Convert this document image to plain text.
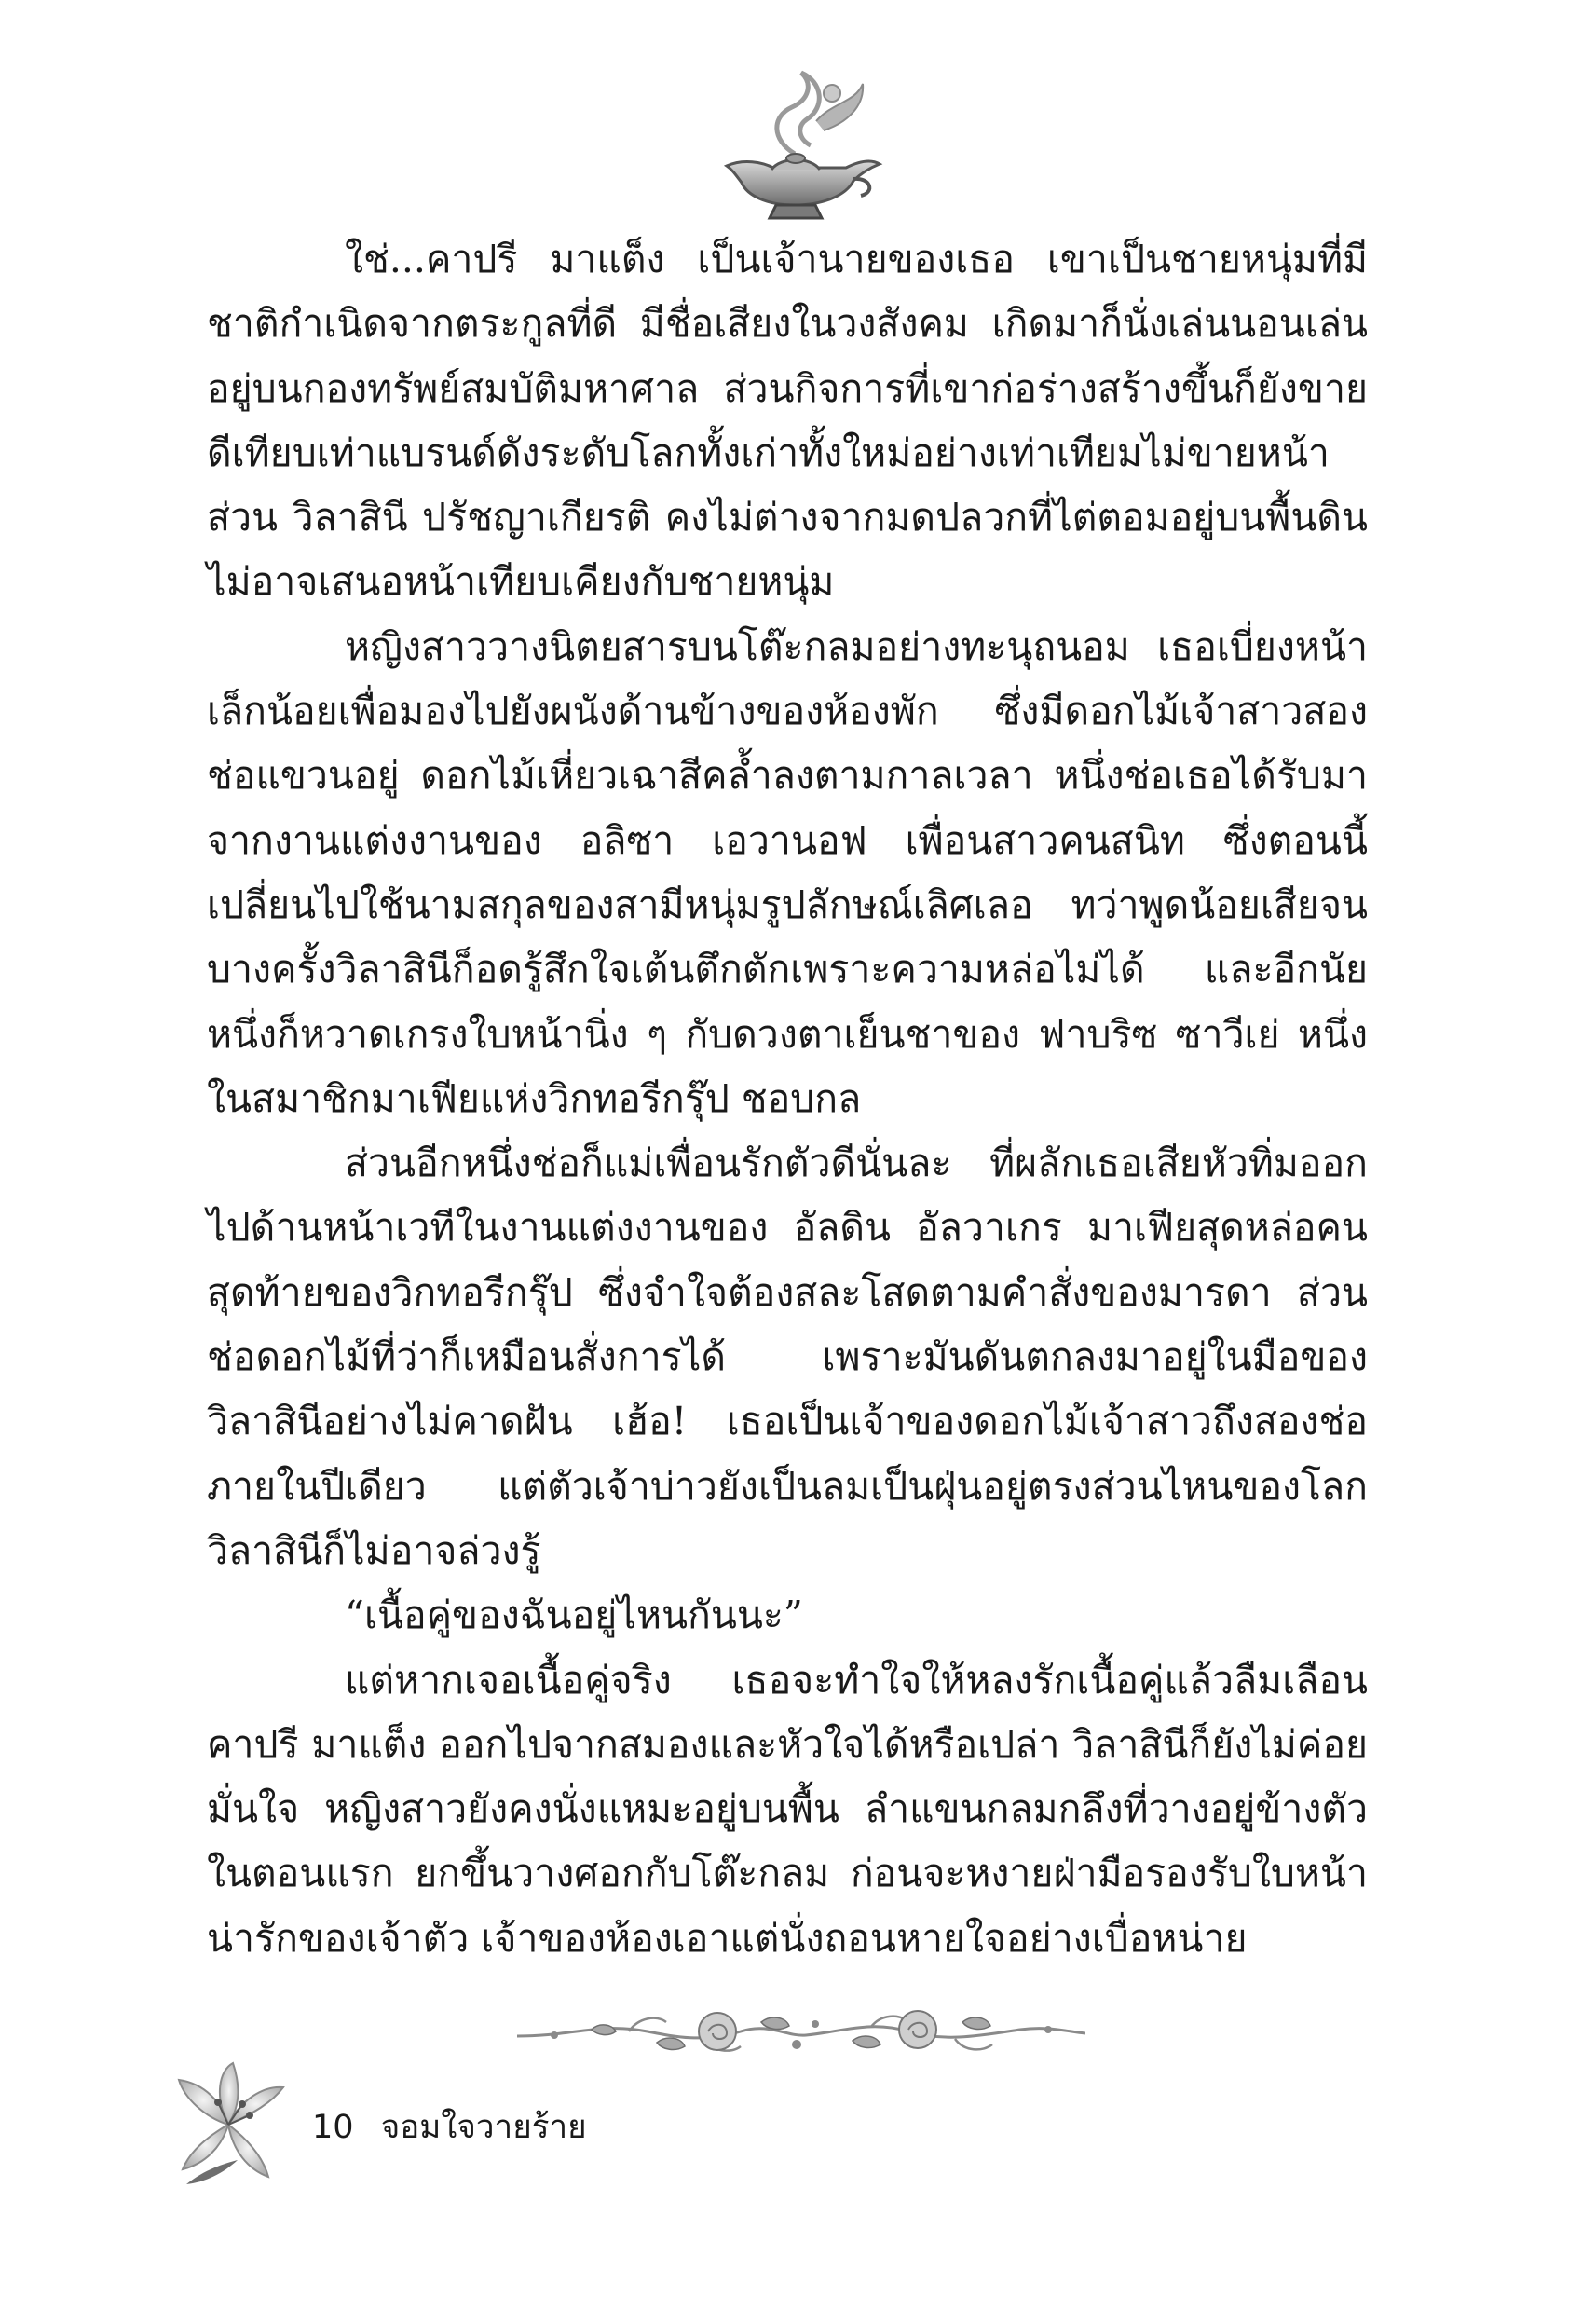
ใช่...คาปรี มาแต็ง เป็นเจ้านายของเธอ เขาเป็นชายหนุ่มที่มีชาติกำเนิดจากตระกูลที่ดี มีชื่อเสียงในวงสังคม เกิดมาก็นั่งเล่นนอนเล่นอยู่บนกองทรัพย์สมบัติมหาศาล ส่วนกิจการที่เขาก่อร่างสร้างขึ้นก็ยังขายดีเทียบเท่าแบรนด์ดังระดับโลกทั้งเก่าทั้งใหม่อย่างเท่าเทียมไม่ขายหน้า ส่วน วิลาสินี ปรัชญาเกียรติ คงไม่ต่างจากมดปลวกที่ไต่ตอมอยู่บนพื้นดินไม่อาจเสนอหน้าเทียบเคียงกับชายหนุ่ม

หญิงสาววางนิตยสารบนโต๊ะกลมอย่างทะนุถนอม เธอเบี่ยงหน้าเล็กน้อยเพื่อมองไปยังผนังด้านข้างของห้องพัก ซึ่งมีดอกไม้เจ้าสาวสองช่อแขวนอยู่ ดอกไม้เหี่ยวเฉาสีคล้ำลงตามกาลเวลา หนึ่งช่อเธอได้รับมาจากงานแต่งงานของ อลิซา เอวานอฟ เพื่อนสาวคนสนิท ซึ่งตอนนี้เปลี่ยนไปใช้นามสกุลของสามีหนุ่มรูปลักษณ์เลิศเลอ ทว่าพูดน้อยเสียจนบางครั้งวิลาสินีก็อดรู้สึกใจเต้นตึกตักเพราะความหล่อไม่ได้ และอีกนัยหนึ่งก็หวาดเกรงใบหน้านิ่ง ๆ กับดวงตาเย็นชาของ ฟาบริซ ซาวีเย่ หนึ่งในสมาชิกมาเฟียแห่งวิกทอรีกรุ๊ป ชอบกล

ส่วนอีกหนึ่งช่อก็แม่เพื่อนรักตัวดีนั่นละ ที่ผลักเธอเสียหัวทิ่มออกไปด้านหน้าเวทีในงานแต่งงานของ อัลดิน อัลวาเกร มาเฟียสุดหล่อคนสุดท้ายของวิกทอรีกรุ๊ป ซึ่งจำใจต้องสละโสดตามคำสั่งของมารดา ส่วนช่อดอกไม้ที่ว่าก็เหมือนสั่งการได้ เพราะมันดันตกลงมาอยู่ในมือของวิลาสินีอย่างไม่คาดฝัน เฮ้อ! เธอเป็นเจ้าของดอกไม้เจ้าสาวถึงสองช่อภายในปีเดียว แต่ตัวเจ้าบ่าวยังเป็นลมเป็นฝุ่นอยู่ตรงส่วนไหนของโลกวิลาสินีก็ไม่อาจล่วงรู้

“เนื้อคู่ของฉันอยู่ไหนกันนะ”

แต่หากเจอเนื้อคู่จริง เธอจะทำใจให้หลงรักเนื้อคู่แล้วลืมเลือนคาปรี มาแต็ง ออกไปจากสมองและหัวใจได้หรือเปล่า วิลาสินีก็ยังไม่ค่อยมั่นใจ หญิงสาวยังคงนั่งแหมะอยู่บนพื้น ลำแขนกลมกลึงที่วางอยู่ข้างตัวในตอนแรก ยกขึ้นวางศอกกับโต๊ะกลม ก่อนจะหงายฝ่ามือรองรับใบหน้าน่ารักของเจ้าตัว เจ้าของห้องเอาแต่นั่งถอนหายใจอย่างเบื่อหน่าย

10 จอมใจวายร้าย
